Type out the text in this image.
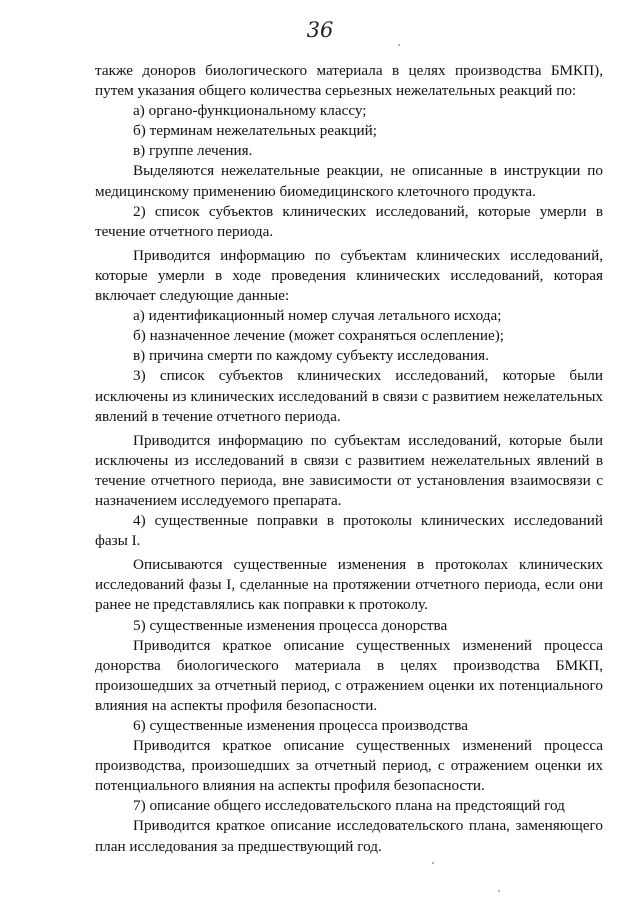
36

также доноров биологического материала в целях производства БМКП), путем указания общего количества серьезных нежелательных реакций по:

а) органо-функциональному классу;

б) терминам нежелательных реакций;

в) группе лечения.

Выделяются нежелательные реакции, не описанные в инструкции по медицинскому применению биомедицинского клеточного продукта.

2) список субъектов клинических исследований, которые умерли в течение отчетного периода.

Приводится информацию по субъектам клинических исследований, которые умерли в ходе проведения клинических исследований, которая включает следующие данные:

а) идентификационный номер случая летального исхода;

б) назначенное лечение (может сохраняться ослепление);

в) причина смерти по каждому субъекту исследования.

3) список субъектов клинических исследований, которые были исключены из клинических исследований в связи с развитием нежелательных явлений в течение отчетного периода.

Приводится информацию по субъектам исследований, которые были исключены из исследований в связи с развитием нежелательных явлений в течение отчетного периода, вне зависимости от установления взаимосвязи с назначением исследуемого препарата.

4) существенные поправки в протоколы клинических исследований фазы I.

Описываются существенные изменения в протоколах клинических исследований фазы I, сделанные на протяжении отчетного периода, если они ранее не представлялись как поправки к протоколу.

5) существенные изменения процесса донорства

Приводится краткое описание существенных изменений процесса донорства биологического материала в целях производства БМКП, произошедших за отчетный период, с отражением оценки их потенциального влияния на аспекты профиля безопасности.

6) существенные изменения процесса производства

Приводится краткое описание существенных изменений процесса производства, произошедших за отчетный период, с отражением оценки их потенциального влияния на аспекты профиля безопасности.

7) описание общего исследовательского плана на предстоящий год

Приводится краткое описание исследовательского плана, заменяющего план исследования за предшествующий год.
